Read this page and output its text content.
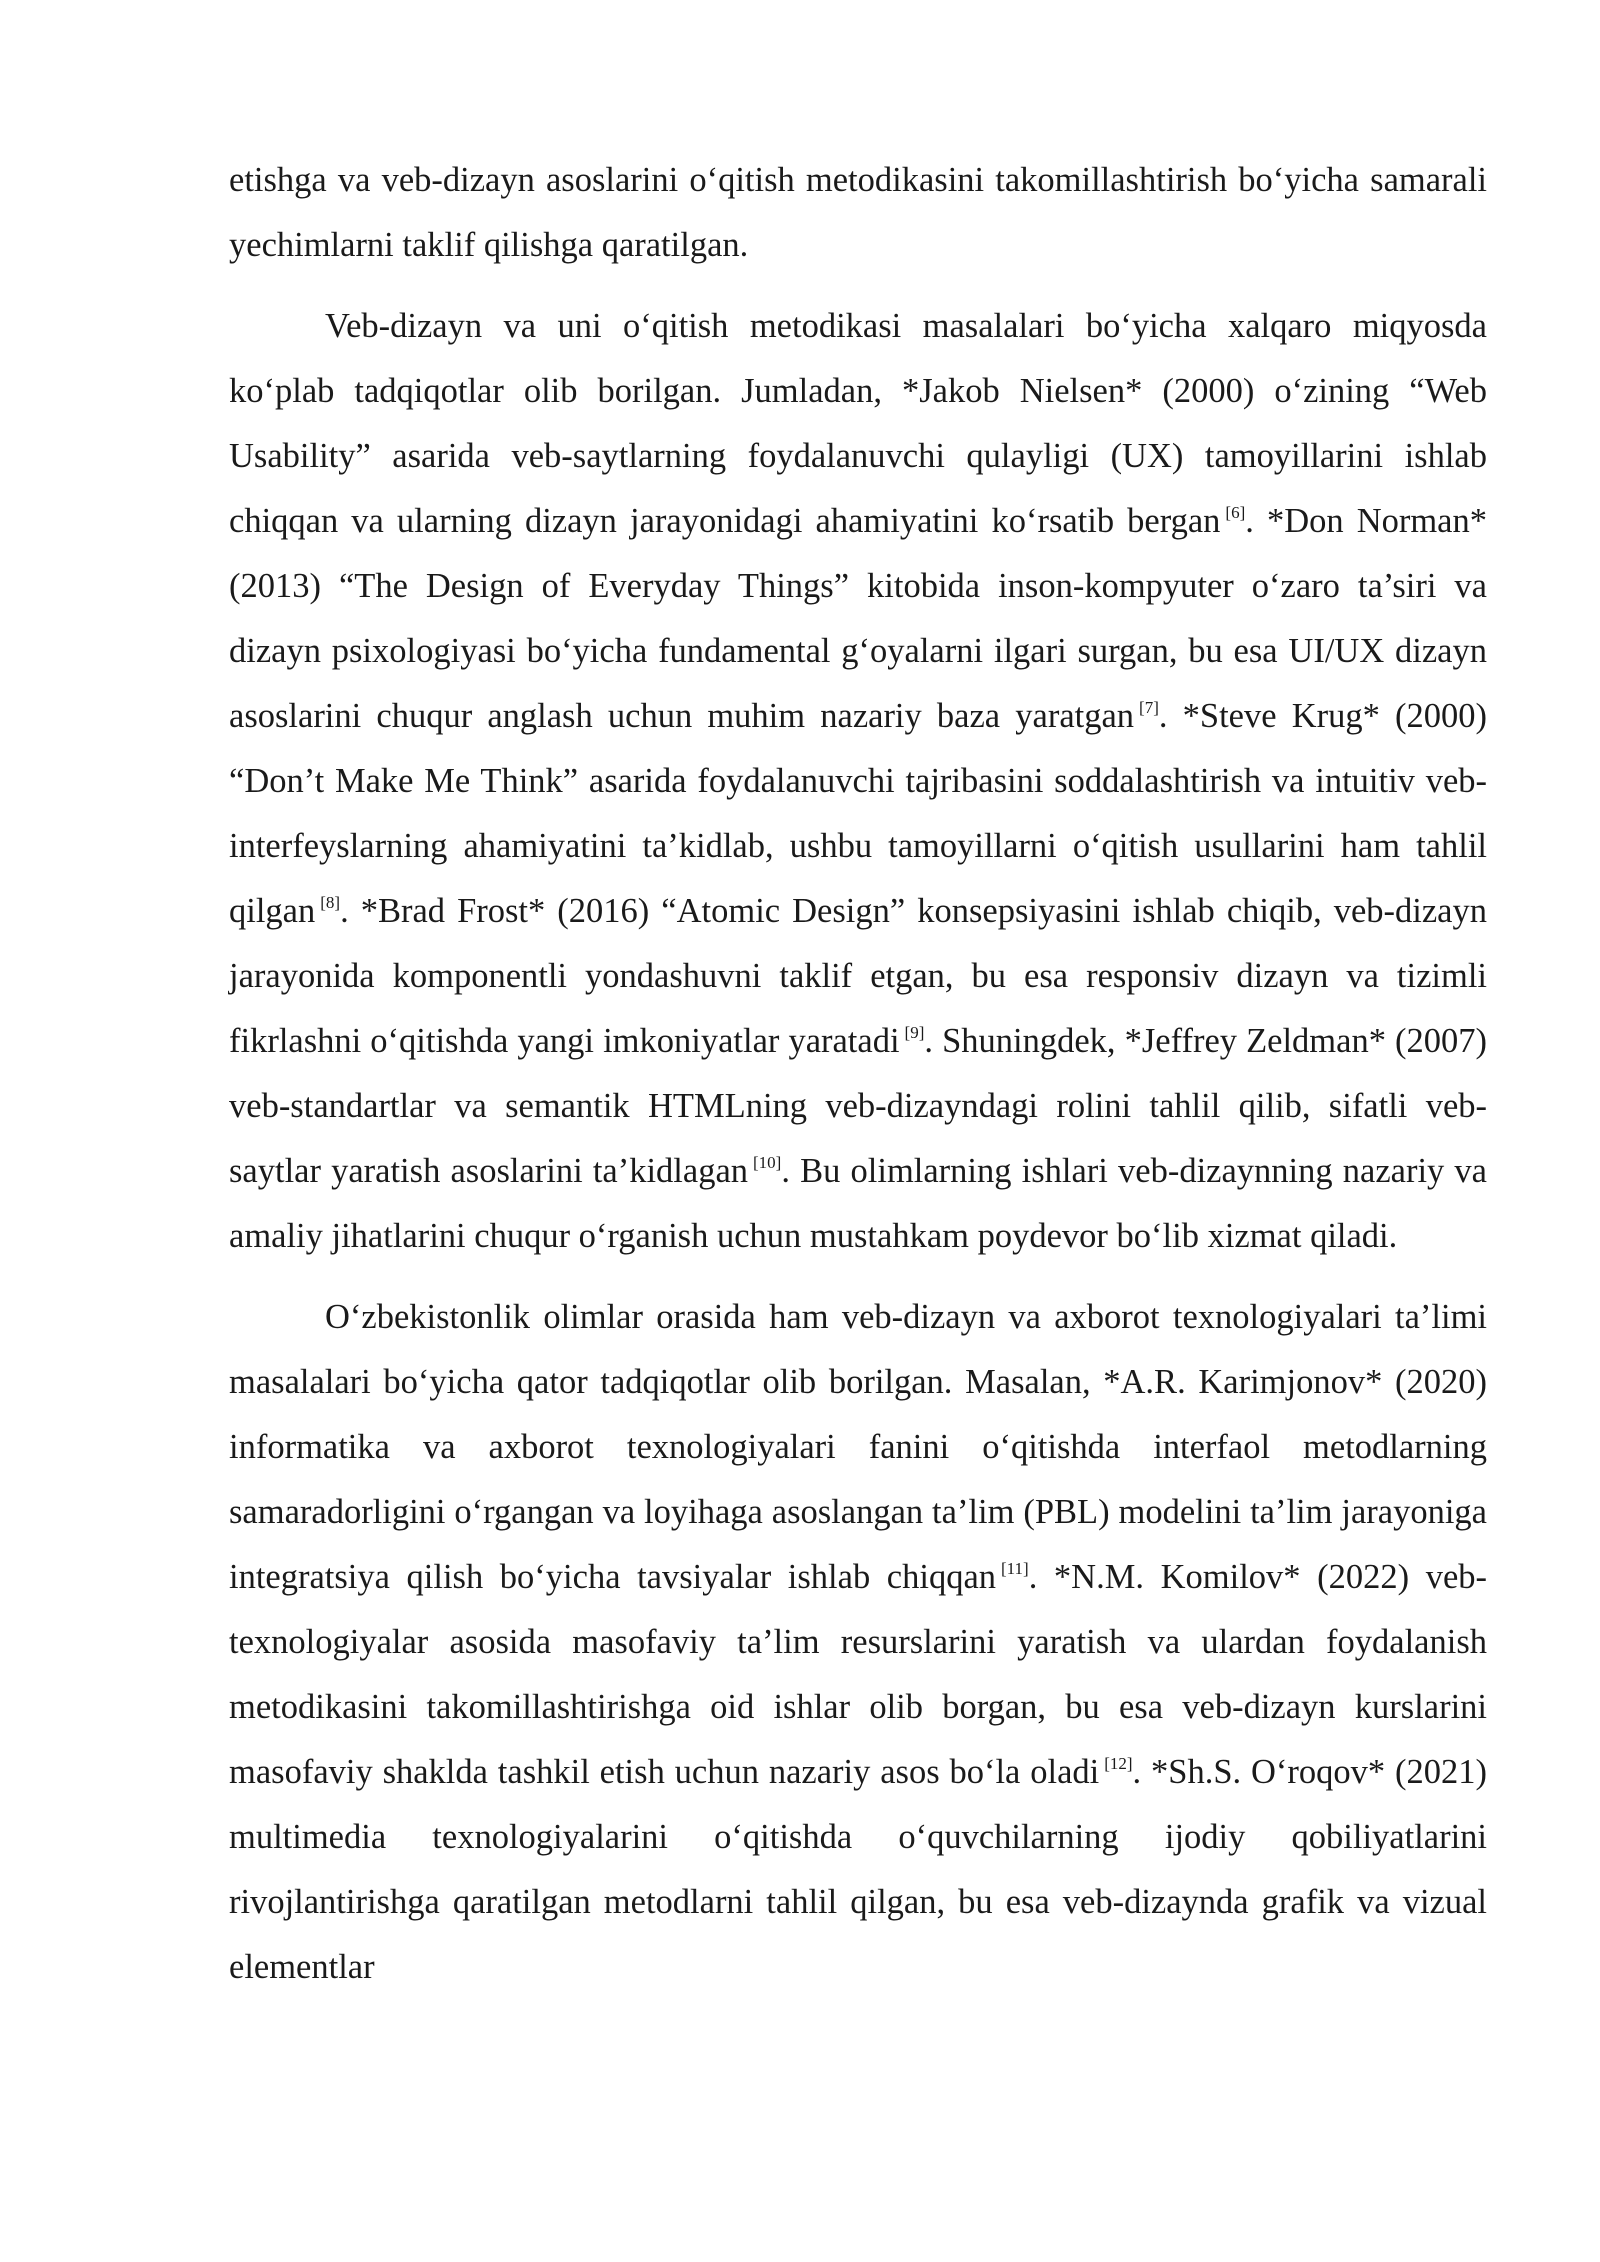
etishga va veb-dizayn asoslarini o‘qitish metodikasini takomillashtirish bo‘yicha samarali yechimlarni taklif qilishga qaratilgan.

Veb-dizayn va uni o‘qitish metodikasi masalalari bo‘yicha xalqaro miqyosda ko‘plab tadqiqotlar olib borilgan. Jumladan, *Jakob Nielsen* (2000) o‘zining “Web Usability” asarida veb-saytlarning foydalanuvchi qulayligi (UX) tamoyillarini ishlab chiqqan va ularning dizayn jarayonidagi ahamiyatini ko‘rsatib bergan [6]. *Don Norman* (2013) “The Design of Everyday Things” kitobida inson-kompyuter o‘zaro ta’siri va dizayn psixologiyasi bo‘yicha fundamental g‘oyalarni ilgari surgan, bu esa UI/UX dizayn asoslarini chuqur anglash uchun muhim nazariy baza yaratgan [7]. *Steve Krug* (2000) “Don’t Make Me Think” asarida foydalanuvchi tajribasini soddalashtirish va intuitiv veb-interfeyslarning ahamiyatini ta’kidlab, ushbu tamoyillarni o‘qitish usullarini ham tahlil qilgan [8]. *Brad Frost* (2016) “Atomic Design” konsepsiyasini ishlab chiqib, veb-dizayn jarayonida komponentli yondashuvni taklif etgan, bu esa responsiv dizayn va tizimli fikrlashni o‘qitishda yangi imkoniyatlar yaratadi [9]. Shuningdek, *Jeffrey Zeldman* (2007) veb-standartlar va semantik HTMLning veb-dizayndagi rolini tahlil qilib, sifatli veb-saytlar yaratish asoslarini ta’kidlagan [10]. Bu olimlarning ishlari veb-dizaynning nazariy va amaliy jihatlarini chuqur o‘rganish uchun mustahkam poydevor bo‘lib xizmat qiladi.

O‘zbekistonlik olimlar orasida ham veb-dizayn va axborot texnologiyalari ta’limi masalalari bo‘yicha qator tadqiqotlar olib borilgan. Masalan, *A.R. Karimjonov* (2020) informatika va axborot texnologiyalari fanini o‘qitishda interfaol metodlarning samaradorligini o‘rgangan va loyihaga asoslangan ta’lim (PBL) modelini ta’lim jarayoniga integratsiya qilish bo‘yicha tavsiyalar ishlab chiqqan [11]. *N.M. Komilov* (2022) veb-texnologiyalar asosida masofaviy ta’lim resurslarini yaratish va ulardan foydalanish metodikasini takomillashtirishga oid ishlar olib borgan, bu esa veb-dizayn kurslarini masofaviy shaklda tashkil etish uchun nazariy asos bo‘la oladi [12]. *Sh.S. O‘roqov* (2021) multimedia texnologiyalarini o‘qitishda o‘quvchilarning ijodiy qobiliyatlarini rivojlantirishga qaratilgan metodlarni tahlil qilgan, bu esa veb-dizaynda grafik va vizual elementlar
